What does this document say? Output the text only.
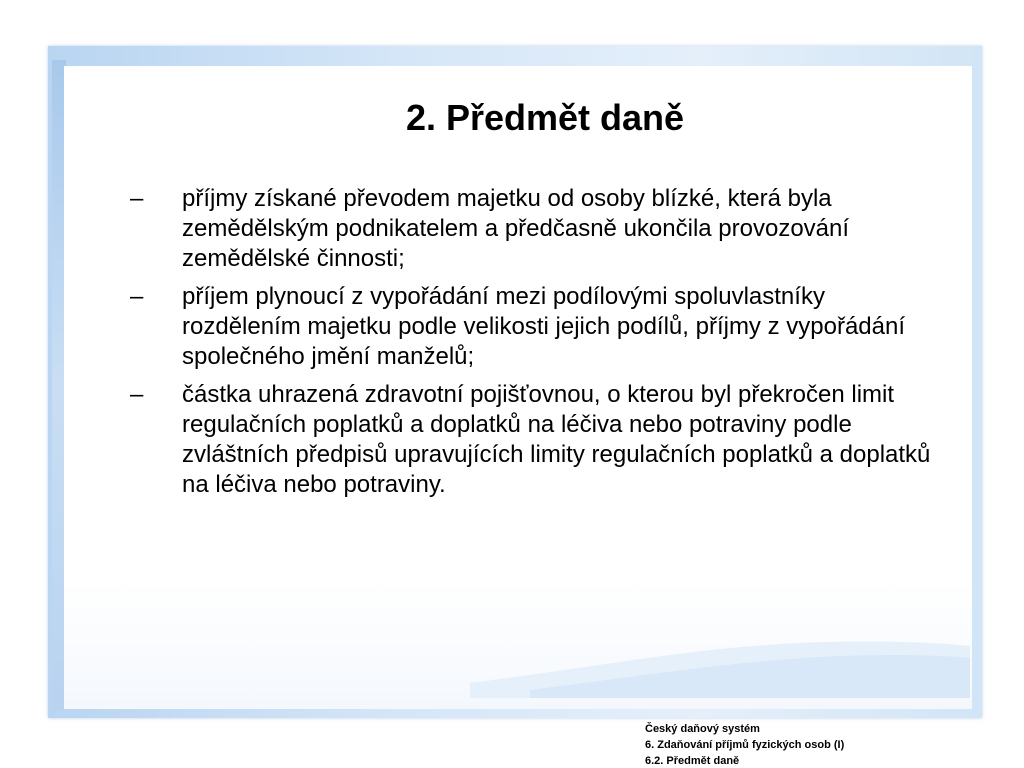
2. Předmět daně
–	příjmy získané převodem majetku od osoby blízké, která byla zemědělským podnikatelem a předčasně ukončila provozování zemědělské činnosti;
–	příjem plynoucí z vypořádání mezi podílovými spoluvlastníky rozdělením majetku podle velikosti jejich podílů, příjmy z vypořádání společného jmění manželů;
–	částka uhrazená zdravotní pojišťovnou, o kterou byl překročen limit regulačních poplatků a doplatků na léčiva nebo potraviny podle zvláštních předpisů upravujících limity regulačních poplatků a doplatků na léčiva nebo potraviny.
Český daňový systém
6. Zdaňování příjmů fyzických osob (I)
6.2. Předmět daně
